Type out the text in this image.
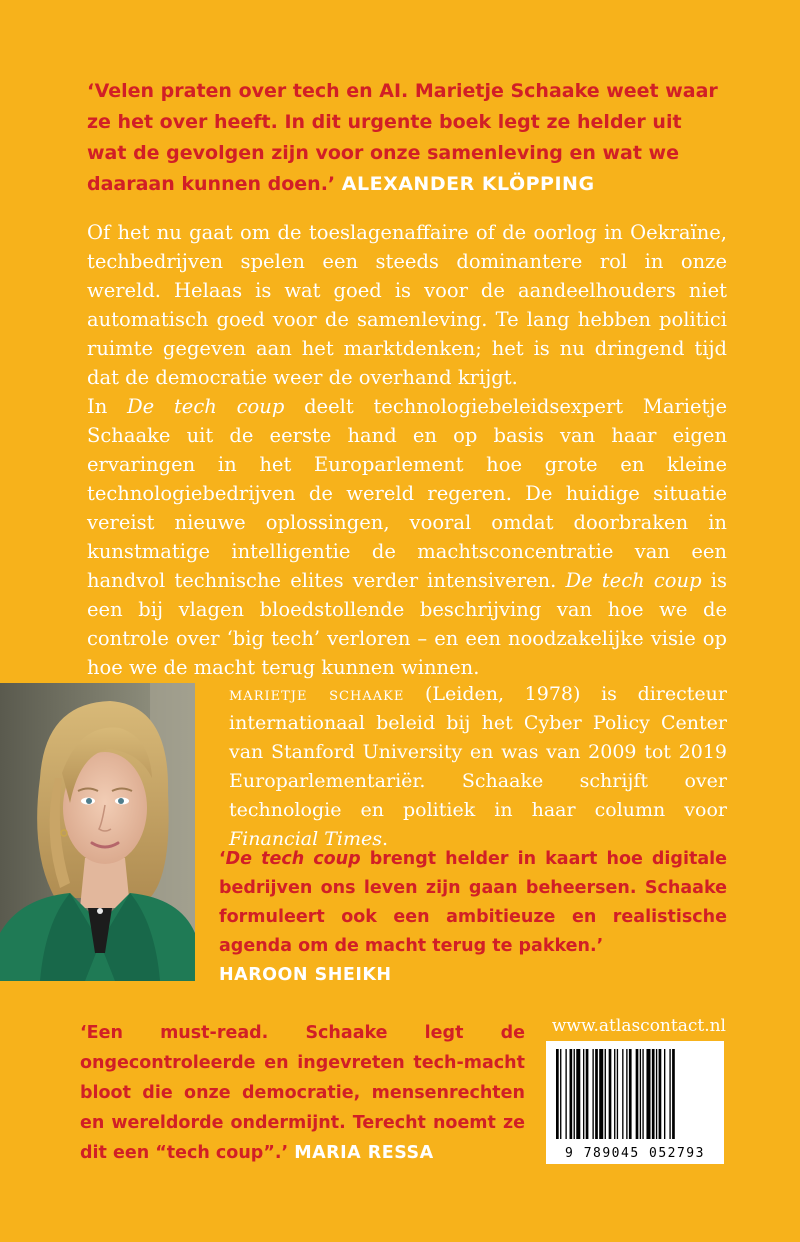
‘Velen praten over tech en AI. Marietje Schaake weet waar ze het over heeft. In dit urgente boek legt ze helder uit wat de gevolgen zijn voor onze samenleving en wat we daaraan kunnen doen.’ ALEXANDER KLÖPPING

Of het nu gaat om de toeslagenaffaire of de oorlog in Oekraïne, techbedrijven spelen een steeds dominantere rol in onze wereld. Helaas is wat goed is voor de aandeelhouders niet automatisch goed voor de samenleving. Te lang hebben politici ruimte gegeven aan het marktdenken; het is nu dringend tijd dat de democratie weer de overhand krijgt.

In De tech coup deelt technologiebeleidsexpert Marietje Schaake uit de eerste hand en op basis van haar eigen ervaringen in het Europarlement hoe grote en kleine technologiebedrijven de wereld regeren. De huidige situatie vereist nieuwe oplossingen, vooral omdat doorbraken in kunstmatige intelligentie de machtsconcentratie van een handvol technische elites verder intensiveren. De tech coup is een bij vlagen bloedstollende beschrijving van hoe we de controle over ‘big tech’ verloren – en een noodzakelijke visie op hoe we de macht terug kunnen winnen.

marietje schaake (Leiden, 1978) is directeur internationaal beleid bij het Cyber Policy Center van Stanford University en was van 2009 tot 2019 Europarlementariër. Schaake schrijft over technologie en politiek in haar column voor Financial Times.
‘De tech coup brengt helder in kaart hoe digitale bedrijven ons leven zijn gaan beheersen. Schaake formuleert ook een ambitieuze en realistische agenda om de macht terug te pakken.’
HAROON SHEIKH
‘Een must-read. Schaake legt de ongecontroleerde en ingevreten tech-macht bloot die onze democratie, mensenrechten en wereldorde ondermijnt. Terecht noemt ze dit een “tech coup”.’ MARIA RESSA
www.atlascontact.nl
9 789045 052793
